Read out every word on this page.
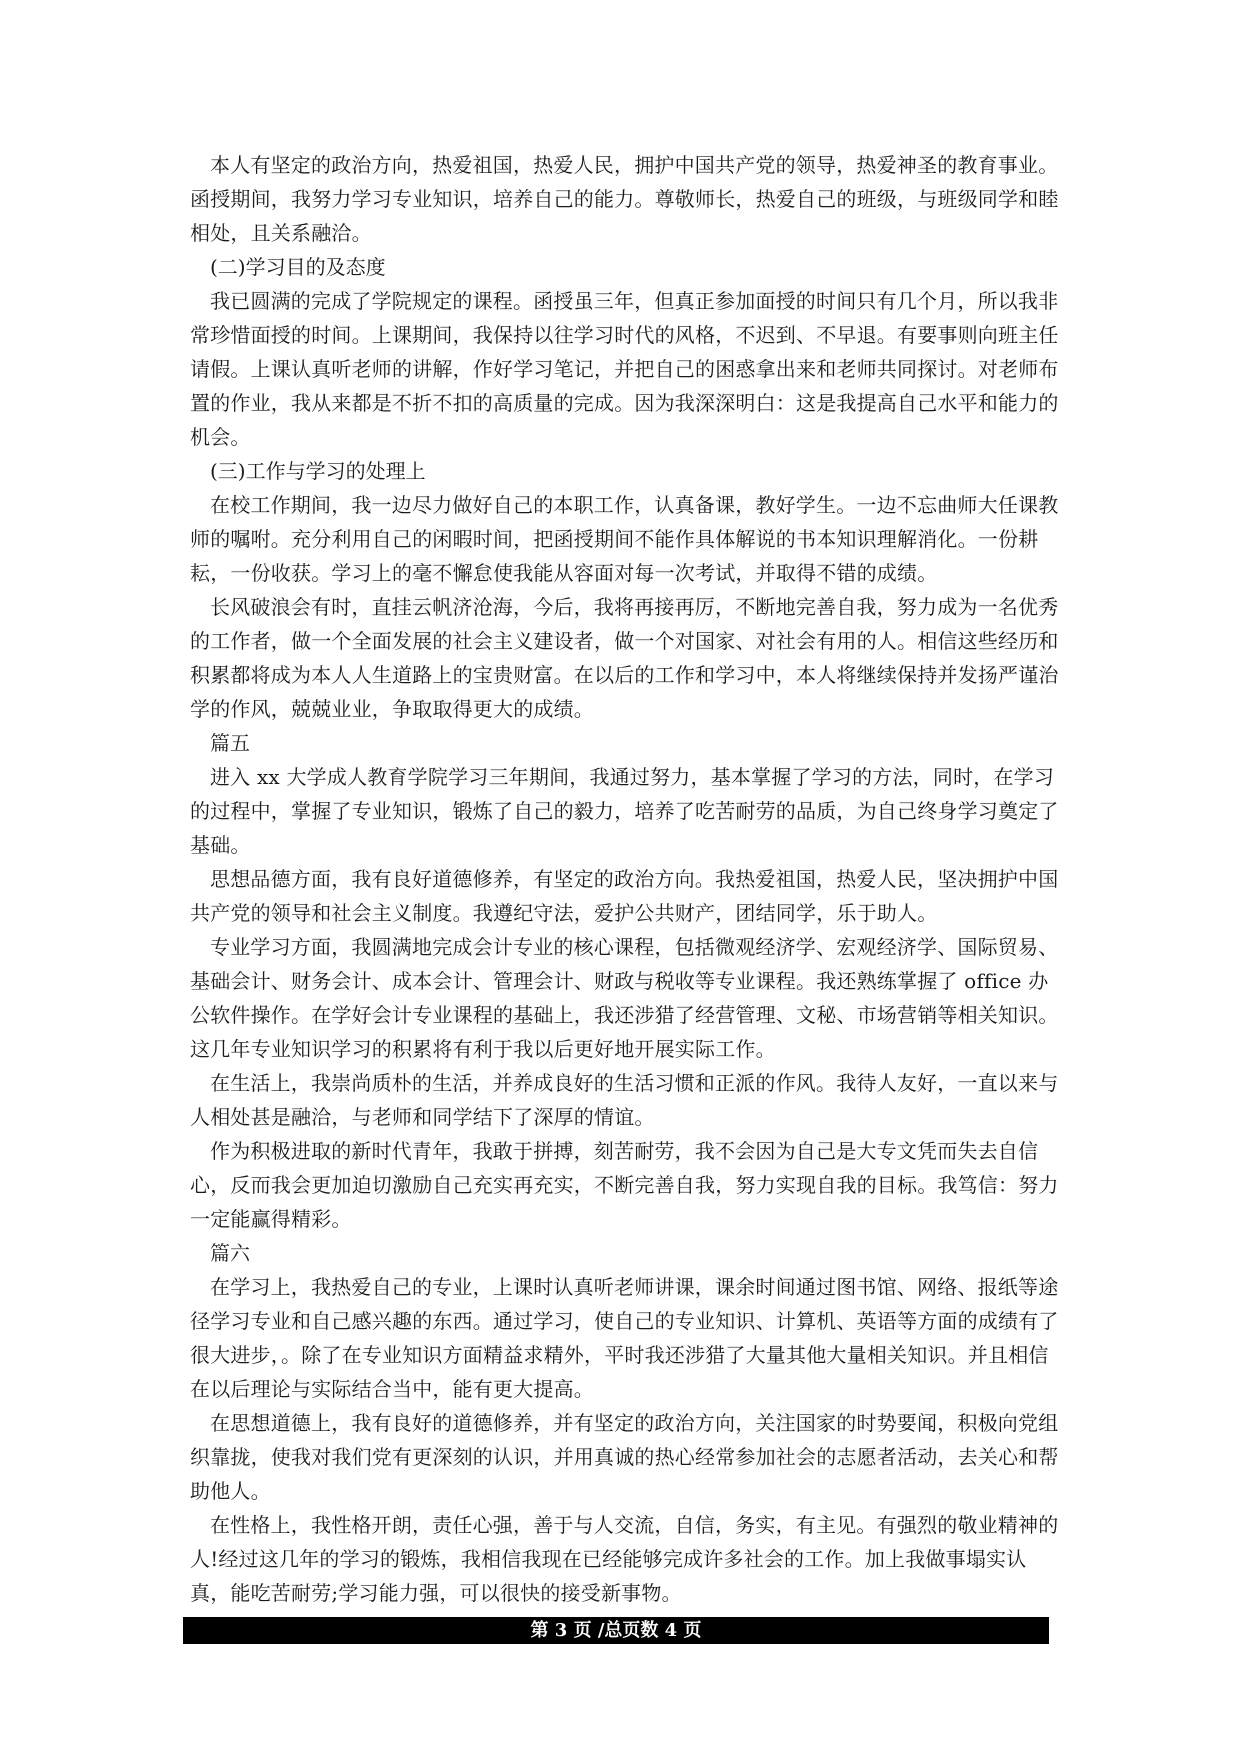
本人有坚定的政治方向，热爱祖国，热爱人民，拥护中国共产党的领导，热爱神圣的教育事业。函授期间，我努力学习专业知识，培养自己的能力。尊敬师长，热爱自己的班级，与班级同学和睦相处，且关系融洽。

(二)学习目的及态度

我已圆满的完成了学院规定的课程。函授虽三年，但真正参加面授的时间只有几个月，所以我非常珍惜面授的时间。上课期间，我保持以往学习时代的风格，不迟到、不早退。有要事则向班主任请假。上课认真听老师的讲解，作好学习笔记，并把自己的困惑拿出来和老师共同探讨。对老师布置的作业，我从来都是不折不扣的高质量的完成。因为我深深明白：这是我提高自己水平和能力的机会。

(三)工作与学习的处理上

在校工作期间，我一边尽力做好自己的本职工作，认真备课，教好学生。一边不忘曲师大任课教师的嘱咐。充分利用自己的闲暇时间，把函授期间不能作具体解说的书本知识理解消化。一份耕耘，一份收获。学习上的毫不懈怠使我能从容面对每一次考试，并取得不错的成绩。

长风破浪会有时，直挂云帆济沧海，今后，我将再接再厉，不断地完善自我，努力成为一名优秀的工作者，做一个全面发展的社会主义建设者，做一个对国家、对社会有用的人。相信这些经历和积累都将成为本人人生道路上的宝贵财富。在以后的工作和学习中，本人将继续保持并发扬严谨治学的作风，兢兢业业，争取取得更大的成绩。

篇五

进入 xx 大学成人教育学院学习三年期间，我通过努力，基本掌握了学习的方法，同时，在学习的过程中，掌握了专业知识，锻炼了自己的毅力，培养了吃苦耐劳的品质，为自己终身学习奠定了基础。

思想品德方面，我有良好道德修养，有坚定的政治方向。我热爱祖国，热爱人民，坚决拥护中国共产党的领导和社会主义制度。我遵纪守法，爱护公共财产，团结同学，乐于助人。

专业学习方面，我圆满地完成会计专业的核心课程，包括微观经济学、宏观经济学、国际贸易、基础会计、财务会计、成本会计、管理会计、财政与税收等专业课程。我还熟练掌握了 office 办公软件操作。在学好会计专业课程的基础上，我还涉猎了经营管理、文秘、市场营销等相关知识。这几年专业知识学习的积累将有利于我以后更好地开展实际工作。

在生活上，我崇尚质朴的生活，并养成良好的生活习惯和正派的作风。我待人友好，一直以来与人相处甚是融洽，与老师和同学结下了深厚的情谊。

作为积极进取的新时代青年，我敢于拼搏，刻苦耐劳，我不会因为自己是大专文凭而失去自信心，反而我会更加迫切激励自己充实再充实，不断完善自我，努力实现自我的目标。我笃信：努力一定能赢得精彩。

篇六

在学习上，我热爱自己的专业，上课时认真听老师讲课，课余时间通过图书馆、网络、报纸等途径学习专业和自己感兴趣的东西。通过学习，使自己的专业知识、计算机、英语等方面的成绩有了很大进步，。除了在专业知识方面精益求精外，平时我还涉猎了大量其他大量相关知识。并且相信在以后理论与实际结合当中，能有更大提高。

在思想道德上，我有良好的道德修养，并有坚定的政治方向，关注国家的时势要闻，积极向党组织靠拢，使我对我们党有更深刻的认识，并用真诚的热心经常参加社会的志愿者活动，去关心和帮助他人。

在性格上，我性格开朗，责任心强，善于与人交流，自信，务实，有主见。有强烈的敬业精神的人!经过这几年的学习的锻炼，我相信我现在已经能够完成许多社会的工作。加上我做事塌实认真，能吃苦耐劳;学习能力强，可以很快的接受新事物。

第 3 页 /总页数 4 页
